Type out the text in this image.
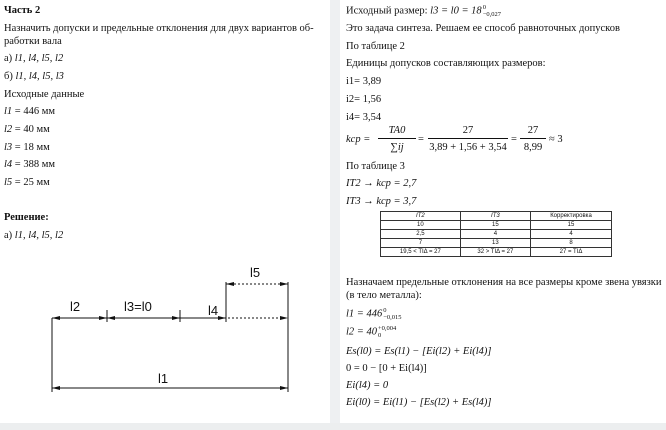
Часть 2
Назначить допуски и предельные отклонения для двух вариантов об-
работки вала
а) l1, l4, l5, l2
б) l1, l4, l5, l3
Исходные данные
l1 = 446 мм
l2 = 40 мм
l3 = 18 мм
l4 = 388 мм
l5 = 25 мм
Решение:
а) l1, l4, l5, l2
l2	l3=l0	l4
l5
l1
Исходный размер: l3 = l0 = 18 0
−0,027
Это задача синтеза. Решаем ее способ равноточных допусков
По таблице 2
Единицы допусков составляющих размеров:
i1= 3,89
i2= 1,56
i4= 3,54
kср =
TA0
∑ij
=
27
3,89 + 1,56 + 3,54
=
27
8,99
≈ 3
По таблице 3
IT2 → kср = 2,7
IT3 → kср = 3,7
IT2	IT3	Корректировка
10	15	15
2,5	4	4
7	13	8
19,5 < TIΔ = 27	32 > TIΔ = 27	27 = TIΔ
Назначаем предельные отклонения на все размеры кроме звена увязки
(в тело металла):
l1 = 446 0
−0,015
l2 = 40 +0,004
0
Es(l0) = Es(l1) − [Ei(l2) + Ei(l4)]
0 = 0 − [0 + Ei(l4)]
Ei(l4) = 0
Ei(l0) = Ei(l1) − [Es(l2) + Es(l4)]
